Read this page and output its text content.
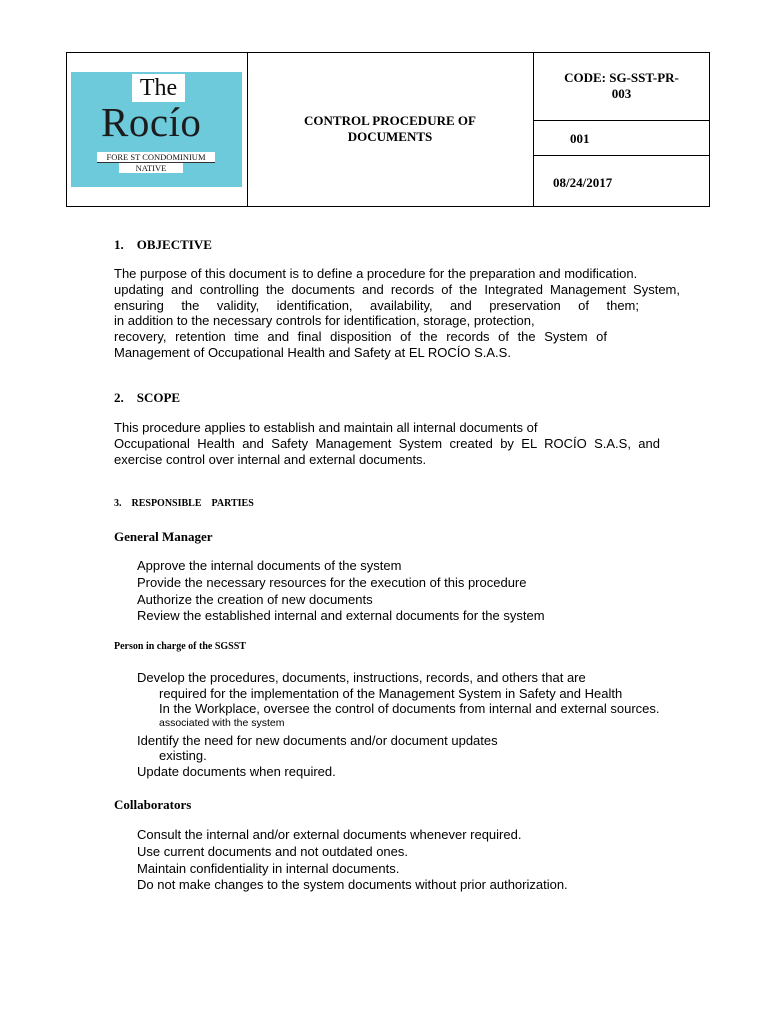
The
Rocío
FORE ST CONDOMINIUM
NATIVE
CONTROL PROCEDURE OF
DOCUMENTS
CODE: SG-SST-PR-
003
001
08/24/2017
1.    OBJECTIVE
The purpose of this document is to define a procedure for the preparation and modification.
updating and controlling the documents and records of the Integrated Management System,
ensuring the validity, identification, availability, and preservation of them;
in addition to the necessary controls for identification, storage, protection,
recovery, retention time and final disposition of the records of the System of
Management of Occupational Health and Safety at EL ROCÍO S.A.S.
2.    SCOPE
This procedure applies to establish and maintain all internal documents of
Occupational Health and Safety Management System created by EL ROCÍO S.A.S, and
exercise control over internal and external documents.
3.    RESPONSIBLE    PARTIES
General Manager
Approve the internal documents of the system
Provide the necessary resources for the execution of this procedure
Authorize the creation of new documents
Review the established internal and external documents for the system
Person in charge of the SGSST
Develop the procedures, documents, instructions, records, and others that are
required for the implementation of the Management System in Safety and Health
In the Workplace, oversee the control of documents from internal and external sources.
associated with the system
Identify the need for new documents and/or document updates
existing.
Update documents when required.
Collaborators
Consult the internal and/or external documents whenever required.
Use current documents and not outdated ones.
Maintain confidentiality in internal documents.
Do not make changes to the system documents without prior authorization.
